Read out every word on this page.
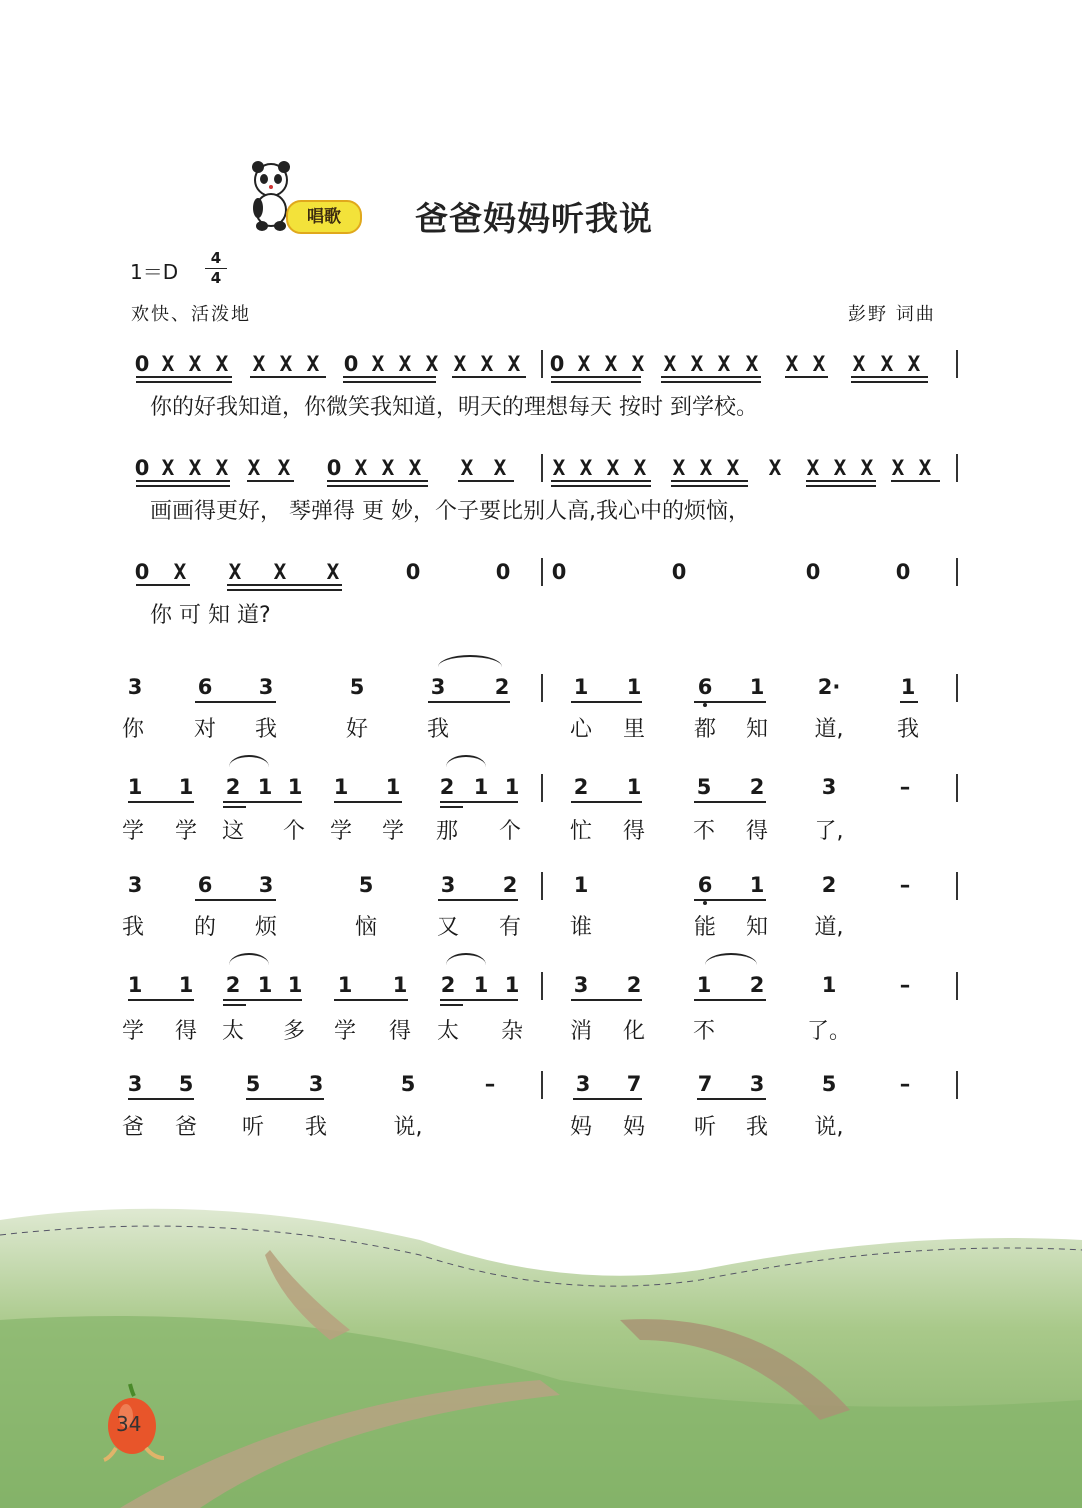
唱歌	爸爸妈妈听我说
1＝D
4
4
欢快、活泼地	彭野 词曲
0 X X X X X X 0 X X X X X X 0 X X X X X X X X X X X X
你的好我知道，你微笑我知道，明天的理想每天 按时 到学校。
0 X X X X X 0 X X X X X X X X X X X X X X X X X X
画画得更好， 琴弹得 更 妙，个子要比别人高,我心中的烦恼，
0 X X X X	0	0 0	0	0	0
你 可 知 道?
3	6 3	5	3 2	1 1	6 1	2·	1
你 对 我	好	我	心 里 都 知 道, 我
1 1 2 1 1 1 1 2 1 1	2 1	5 2	3	–
学 学 这 个 学 学 那 个 忙 得 不 得 了,
3	6 3	5	3 2	1	6 1	2	–
我 的 烦	恼	又 有 谁	能 知 道,
1 1 2 1 1 1 1 2 1 1	3 2	1 2	1	–
学 得 太 多 学 得 太 杂 消 化 不	了。
3 5 5 3	5	–	3 7	7 3	5	–
爸 爸 听 我	说,	妈 妈 听 我 说,
34
